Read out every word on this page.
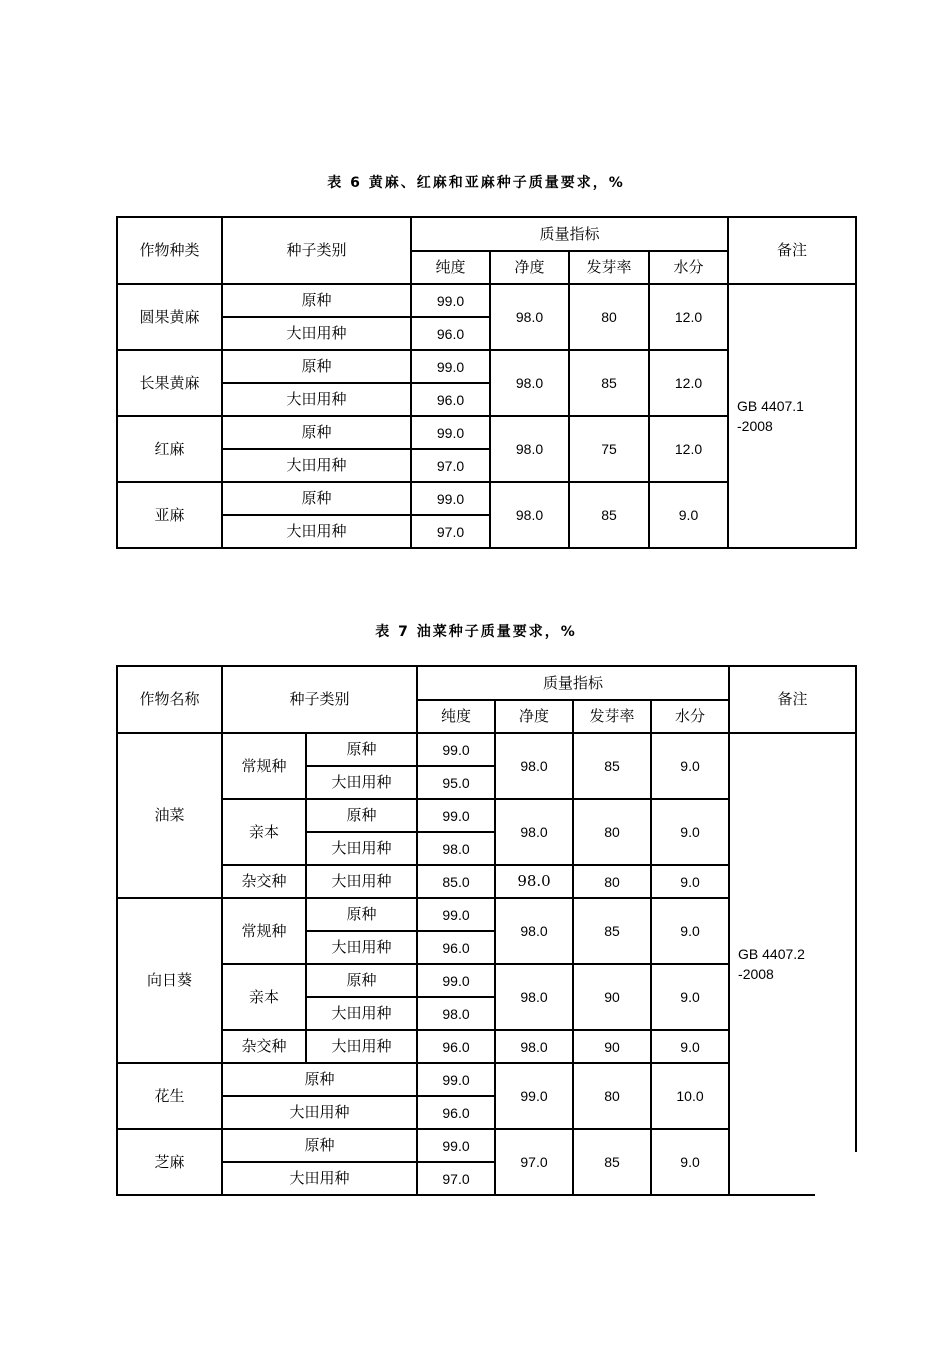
表 6 黄麻、红麻和亚麻种子质量要求，%
作物种类	种子类别	质量指标				备注
		纯度	净度	发芽率	水分	
圆果黄麻	原种	99.0	98.0	80	12.0	GB 4407.1
-2008

	大田用种	96.0				
长果黄麻	原种	99.0	98.0	85	12.0	
	大田用种	96.0				
红麻	原种	99.0	98.0	75	12.0	
	大田用种	97.0				
亚麻	原种	99.0	98.0	85	9.0	
	大田用种	97.0				
表 7 油菜种子质量要求，%
作物名称	种子类别		质量指标				备注
			纯度	净度	发芽率	水分	
油菜	常规种	原种	99.0	98.0	85	9.0	GB 4407.2
-2008

		大田用种	95.0				
	亲本	原种	99.0	98.0	80	9.0	
		大田用种	98.0				
	杂交种	大田用种	85.0	98.0	80	9.0	
向日葵	常规种	原种	99.0	98.0	85	9.0	
		大田用种	96.0				
	亲本	原种	99.0	98.0	90	9.0	
		大田用种	98.0				
	杂交种	大田用种	96.0	98.0	90	9.0	
花生	原种		99.0	99.0	80	10.0	
	大田用种		96.0				
芝麻	原种		99.0	97.0	85	9.0	
	大田用种		97.0				
